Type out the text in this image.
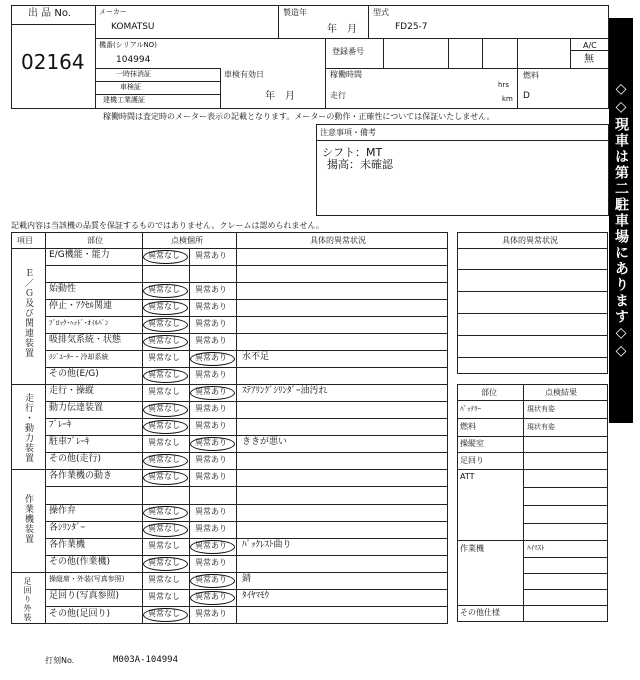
出 品 No.
02164
メーカー
KOMATSU
製造年
年　月
型式
FD25-7
機番(シリアルNO)
104994
登録番号
A/C
無
一時抹消証
車検証
建機工業護証
車検有効日
年　月
稼働時間
走行
hrs
km
燃料
D
稼働時間は査定時のメーター表示の記載となります。メーターの動作・正確性については保証いたしません。
注意事項・備考
シフト：MT
揚高：未確認
記載内容は当該機の品質を保証するものではありません。クレームは認められません。	◇◇現車は第二駐車場にあります◇◇
項目	部位	点検個所	具体的異常状況
Ｅ／Ｇ及び関連装置
走行・動力装置
作業機装置
足回り外装
E/G機能・能力	異常なし 異常あり
始動性	異常なし 異常あり
停止・ｱｸｾﾙ関連	異常なし 異常あり
ﾌﾞﾛｯｸ･ﾍｯﾄﾞ･ｵｲﾙﾊﾟﾝ	異常なし 異常あり
吸排気系統・状態	異常なし 異常あり
ﾗｼﾞｴｰﾀｰ・冷却系統	異常なし 異常あり 水不足
その他(E/G)	異常なし 異常あり
走行・操縦	異常なし 異常あり ｽﾃｱﾘﾝｸﾞｼﾘﾝﾀﾞｰ油汚れ
動力伝達装置	異常なし 異常あり
ﾌﾞﾚｰｷ	異常なし 異常あり
駐車ﾌﾞﾚｰｷ	異常なし 異常あり ききが悪い
その他(走行)	異常なし 異常あり
各作業機の動き	異常なし 異常あり
操作弁	異常なし 異常あり
各ｼﾘﾝﾀﾞｰ	異常なし 異常あり
各作業機	異常なし 異常あり ﾊﾞｯｸﾚｽﾄ曲り
その他(作業機)	異常なし 異常あり
操縦席・外装(写真参照)	異常なし 異常あり 錆
足回り(写真参照)	異常なし 異常あり ﾀｲﾔﾏﾓｳ
その他(足回り)	異常なし 異常あり
具体的異常状況
部位	点検結果
ﾊﾞｯﾃﾘｰ	現状有姿
燃料	現状有姿
操縦室
足回り
ATT
作業機	ﾊｲﾏｽﾄ
その他仕様
打刻No.	M003A-104994
